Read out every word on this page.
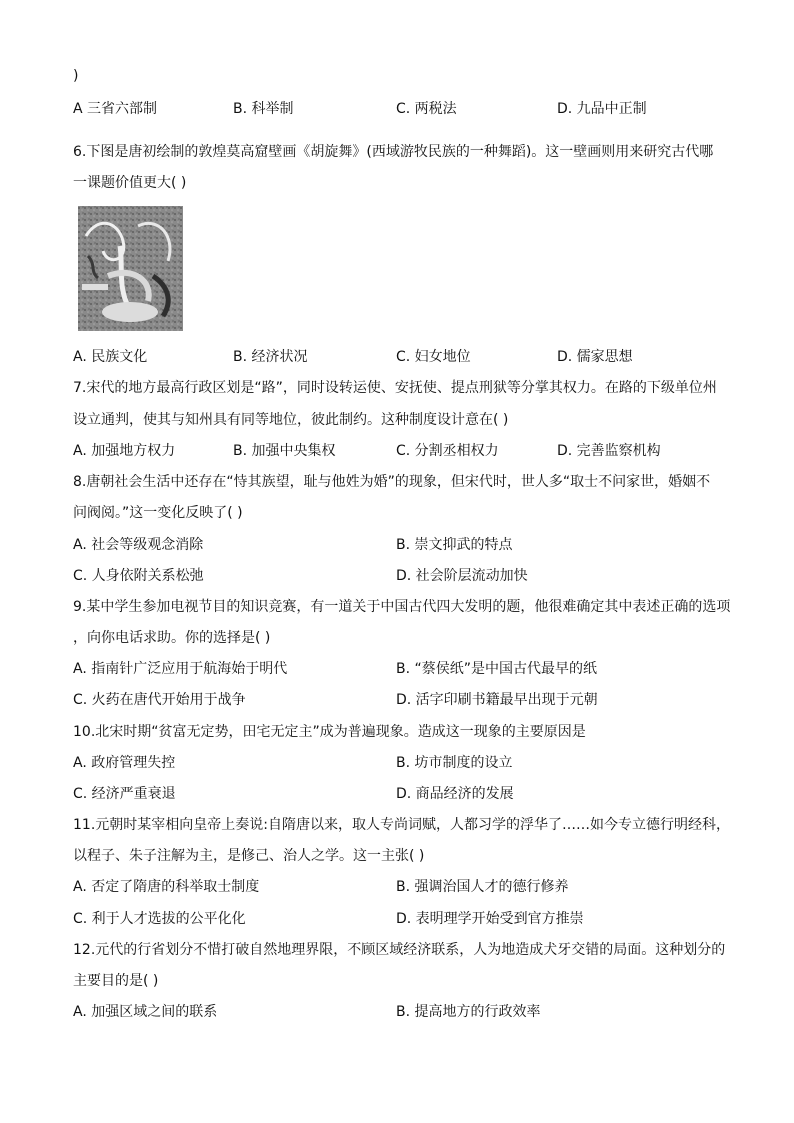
)
A 三省六部制	B. 科举制	C. 两税法	D. 九品中正制
6.下图是唐初绘制的敦煌莫高窟壁画《胡旋舞》(西域游牧民族的一种舞蹈)。这一壁画则用来研究古代哪
一课题价值更大( )
A. 民族文化	B. 经济状况	C. 妇女地位	D. 儒家思想
7.宋代的地方最高行政区划是“路”，同时设转运使、安抚使、提点刑狱等分掌其权力。在路的下级单位州
设立通判，使其与知州具有同等地位，彼此制约。这种制度设计意在( )
A. 加强地方权力	B. 加强中央集权	C. 分割丞相权力	D. 完善监察机构
8.唐朝社会生活中还存在“恃其族望，耻与他姓为婚”的现象，但宋代时，世人多“取士不问家世，婚姻不
问阀阅。”这一变化反映了( )
A. 社会等级观念消除	B. 崇文抑武的特点
C. 人身依附关系松弛	D. 社会阶层流动加快
9.某中学生参加电视节目的知识竞赛，有一道关于中国古代四大发明的题，他很难确定其中表述正确的选项
，向你电话求助。你的选择是( )
A. 指南针广泛应用于航海始于明代	B. “蔡侯纸”是中国古代最早的纸
C. 火药在唐代开始用于战争	D. 活字印刷书籍最早出现于元朝
10.北宋时期“贫富无定势，田宅无定主”成为普遍现象。造成这一现象的主要原因是
A. 政府管理失控	B. 坊市制度的设立
C. 经济严重衰退	D. 商品经济的发展
11.元朝时某宰相向皇帝上奏说:自隋唐以来，取人专尚词赋，人都习学的浮华了……如今专立德行明经科，
以程子、朱子注解为主，是修己、治人之学。这一主张( )
A. 否定了隋唐的科举取士制度	B. 强调治国人才的德行修养
C. 利于人才选拔的公平化化	D. 表明理学开始受到官方推崇
12.元代的行省划分不惜打破自然地理界限，不顾区域经济联系，人为地造成犬牙交错的局面。这种划分的
主要目的是( )
A. 加强区域之间的联系	B. 提高地方的行政效率
